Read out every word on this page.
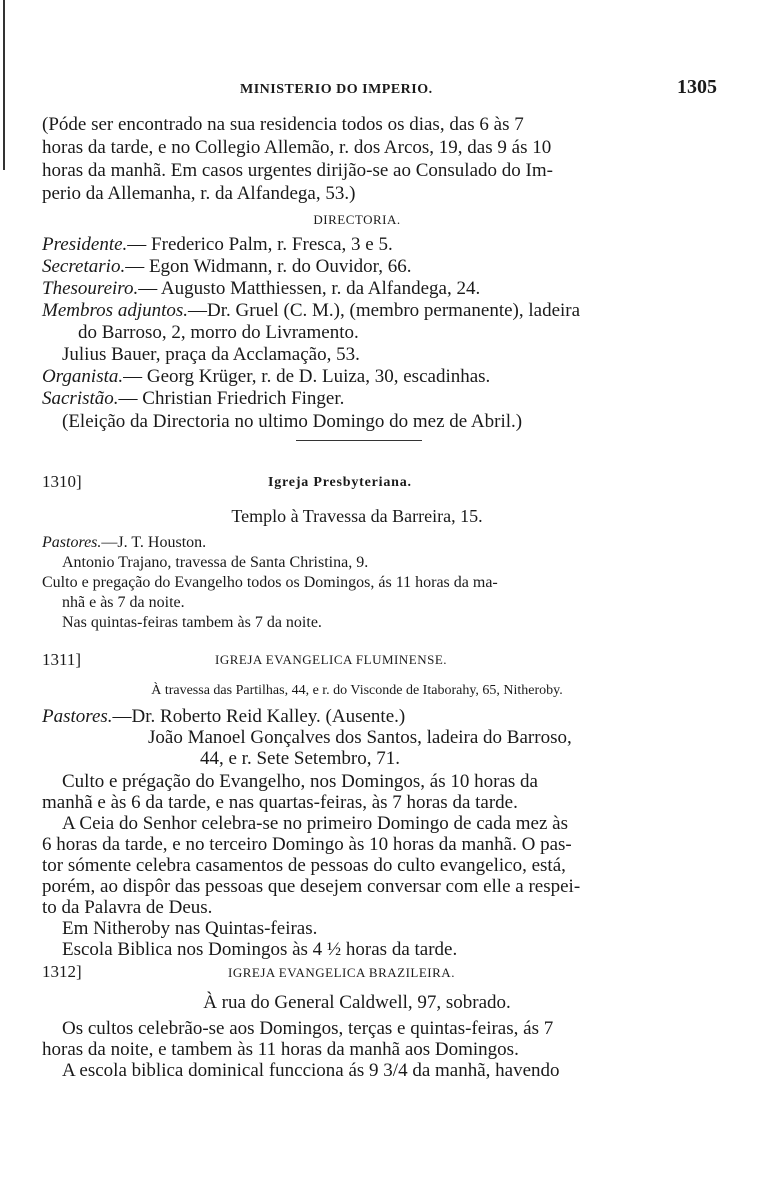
MINISTERIO DO IMPERIO.	1305
(Póde ser encontrado na sua residencia todos os dias, das 6 às 7
horas da tarde, e no Collegio Allemão, r. dos Arcos, 19, das 9 ás 10
horas da manhã. Em casos urgentes dirijão-se ao Consulado do Im-
perio da Allemanha, r. da Alfandega, 53.)
DIRECTORIA.
Presidente.— Frederico Palm, r. Fresca, 3 e 5.
Secretario.— Egon Widmann, r. do Ouvidor, 66.
Thesoureiro.— Augusto Matthiessen, r. da Alfandega, 24.
Membros adjuntos.—Dr. Gruel (C. M.), (membro permanente), ladeira
do Barroso, 2, morro do Livramento.
Julius Bauer, praça da Acclamação, 53.
Organista.— Georg Krüger, r. de D. Luiza, 30, escadinhas.
Sacristão.— Christian Friedrich Finger.
(Eleição da Directoria no ultimo Domingo do mez de Abril.)
1310]	Igreja Presbyteriana.
Templo à Travessa da Barreira, 15.
Pastores.—J. T. Houston.
Antonio Trajano, travessa de Santa Christina, 9.
Culto e pregação do Evangelho todos os Domingos, ás 11 horas da ma-
nhã e às 7 da noite.
Nas quintas-feiras tambem às 7 da noite.
1311]	IGREJA EVANGELICA FLUMINENSE.
À travessa das Partilhas, 44, e r. do Visconde de Itaborahy, 65, Nitheroby.
Pastores.—Dr. Roberto Reid Kalley. (Ausente.)
João Manoel Gonçalves dos Santos, ladeira do Barroso,
44, e r. Sete Setembro, 71.
Culto e prégação do Evangelho, nos Domingos, ás 10 horas da
manhã e às 6 da tarde, e nas quartas-feiras, às 7 horas da tarde.
A Ceia do Senhor celebra-se no primeiro Domingo de cada mez às
6 horas da tarde, e no terceiro Domingo às 10 horas da manhã. O pas-
tor sómente celebra casamentos de pessoas do culto evangelico, está,
porém, ao dispôr das pessoas que desejem conversar com elle a respei-
to da Palavra de Deus.
Em Nitheroby nas Quintas-feiras.
Escola Biblica nos Domingos às 4 ½ horas da tarde.
1312]	IGREJA EVANGELICA BRAZILEIRA.
À rua do General Caldwell, 97, sobrado.
Os cultos celebrão-se aos Domingos, terças e quintas-feiras, ás 7
horas da noite, e tambem às 11 horas da manhã aos Domingos.
A escola biblica dominical funcciona ás 9 3/4 da manhã, havendo
